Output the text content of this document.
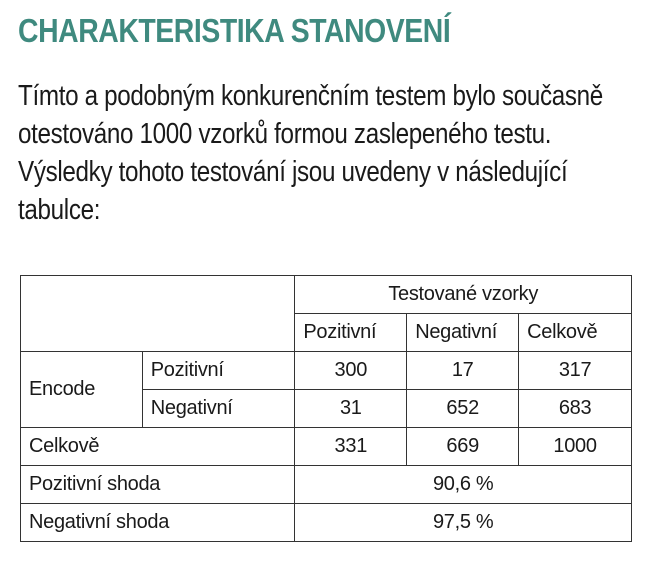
CHARAKTERISTIKA STANOVENÍ

Tímto a podobným konkurenčním testem bylo současně otestováno 1000 vzorků formou zaslepeného testu. Výsledky tohoto testování jsou uvedeny v následující tabulce:

		Testované vzorky		
		Pozitivní	Negativní	Celkově
Encode	Pozitivní	300	17	317
	Negativní	31	652	683
Celkově		331	669	1000
Pozitivní shoda		90,6 %		
Negativní shoda		97,5 %		
